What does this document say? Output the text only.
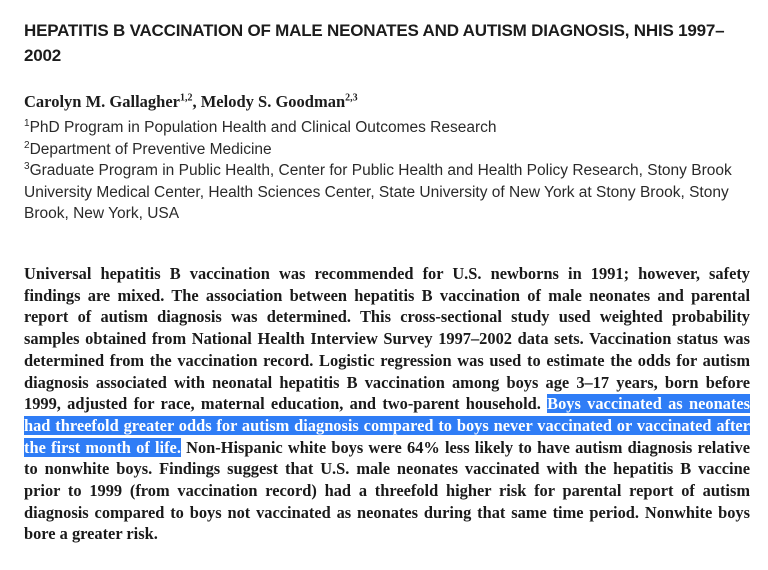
HEPATITIS B VACCINATION OF MALE NEONATES AND AUTISM DIAGNOSIS, NHIS 1997–2002
Carolyn M. Gallagher$^{1,2}$, Melody S. Goodman$^{2,3}$
$^1$PhD Program in Population Health and Clinical Outcomes Research
$^2$Department of Preventive Medicine
$^3$Graduate Program in Public Health, Center for Public Health and Health Policy Research, Stony Brook University Medical Center, Health Sciences Center, State University of New York at Stony Brook, Stony Brook, New York, USA

Universal hepatitis B vaccination was recommended for U.S. newborns in 1991; however, safety findings are mixed. The association between hepatitis B vaccination of male neonates and parental report of autism diagnosis was determined. This cross-sectional study used weighted probability samples obtained from National Health Interview Survey 1997–2002 data sets. Vaccination status was determined from the vaccination record. Logistic regression was used to estimate the odds for autism diagnosis associated with neonatal hepatitis B vaccination among boys age 3–17 years, born before 1999, adjusted for race, maternal education, and two-parent household. Boys vaccinated as neonates had threefold greater odds for autism diagnosis compared to boys never vaccinated or vaccinated after the first month of life. Non-Hispanic white boys were 64% less likely to have autism diagnosis relative to nonwhite boys. Findings suggest that U.S. male neonates vaccinated with the hepatitis B vaccine prior to 1999 (from vaccination record) had a threefold higher risk for parental report of autism diagnosis compared to boys not vaccinated as neonates during that same time period. Nonwhite boys bore a greater risk.
